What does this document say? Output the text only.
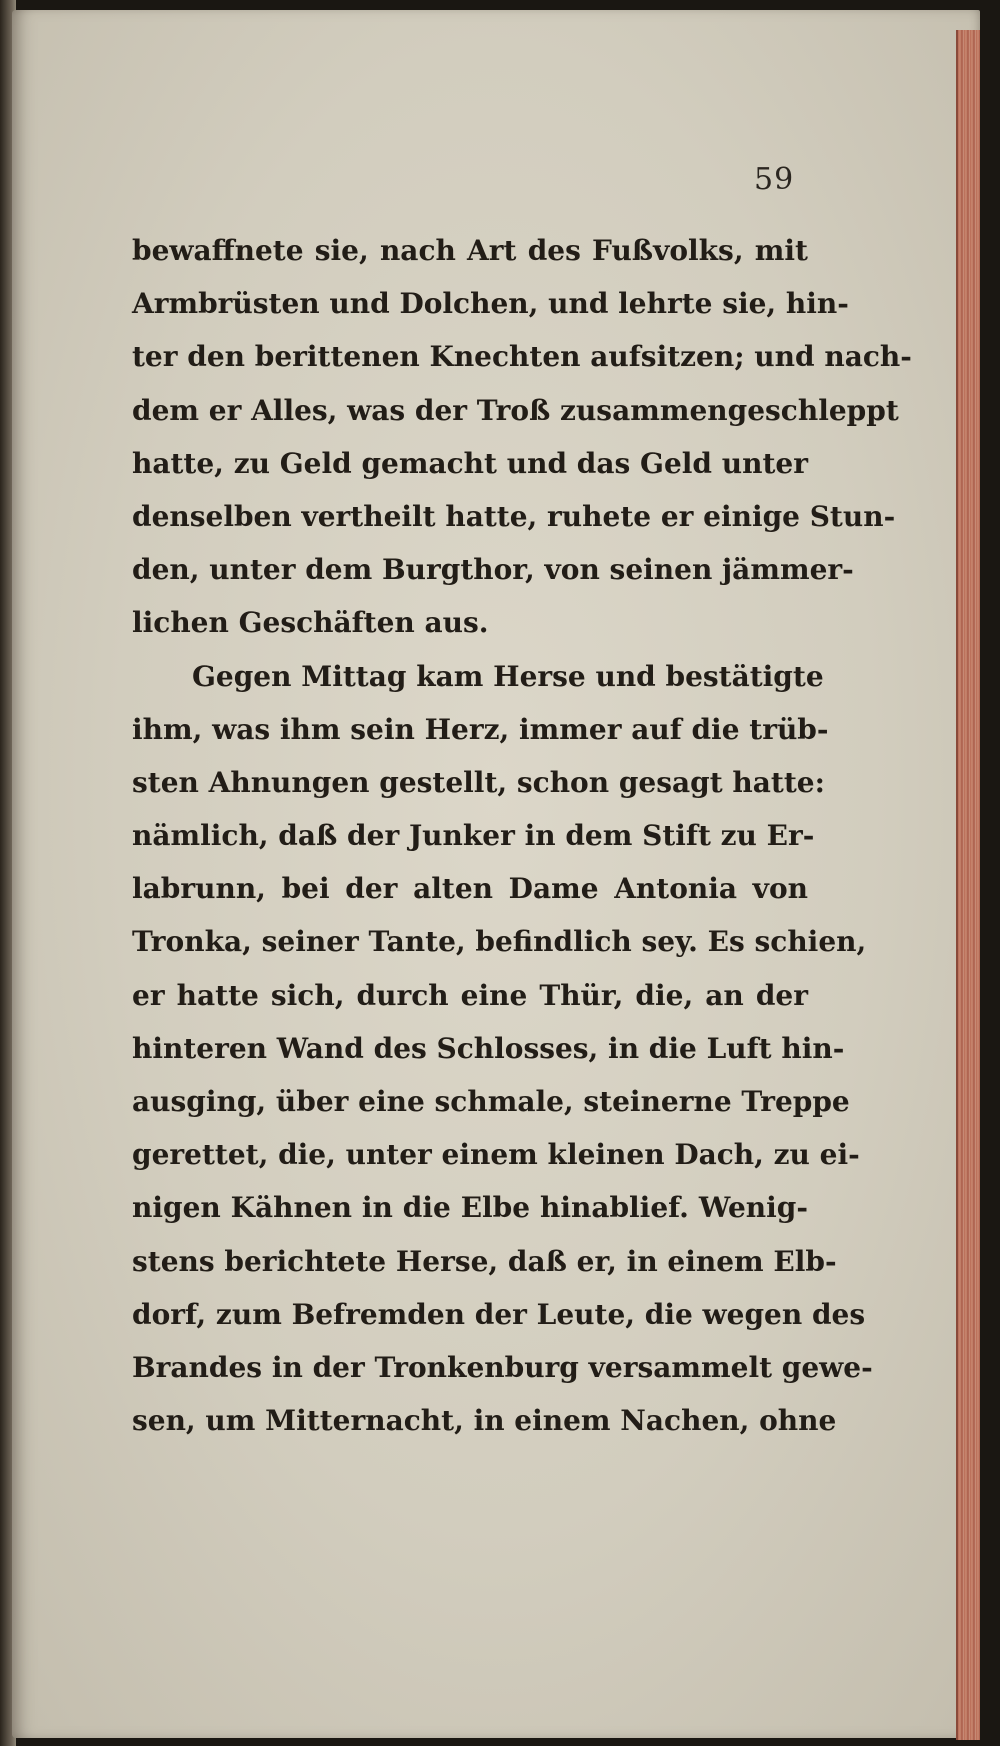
59

bewaffnete sie, nach Art des Fußvolks, mit
Armbrüsten und Dolchen, und lehrte sie, hin-
ter den berittenen Knechten aufsitzen; und nach-
dem er Alles, was der Troß zusammengeschleppt
hatte, zu Geld gemacht und das Geld unter
denselben vertheilt hatte, ruhete er einige Stun-
den, unter dem Burgthor, von seinen jämmer-
lichen Geschäften aus.
Gegen Mittag kam Herse und bestätigte
ihm, was ihm sein Herz, immer auf die trüb-
sten Ahnungen gestellt, schon gesagt hatte:
nämlich, daß der Junker in dem Stift zu Er-
labrunn, bei der alten Dame Antonia von
Tronka, seiner Tante, befindlich sey. Es schien,
er hatte sich, durch eine Thür, die, an der
hinteren Wand des Schlosses, in die Luft hin-
ausging, über eine schmale, steinerne Treppe
gerettet, die, unter einem kleinen Dach, zu ei-
nigen Kähnen in die Elbe hinablief. Wenig-
stens berichtete Herse, daß er, in einem Elb-
dorf, zum Befremden der Leute, die wegen des
Brandes in der Tronkenburg versammelt gewe-
sen, um Mitternacht, in einem Nachen, ohne
